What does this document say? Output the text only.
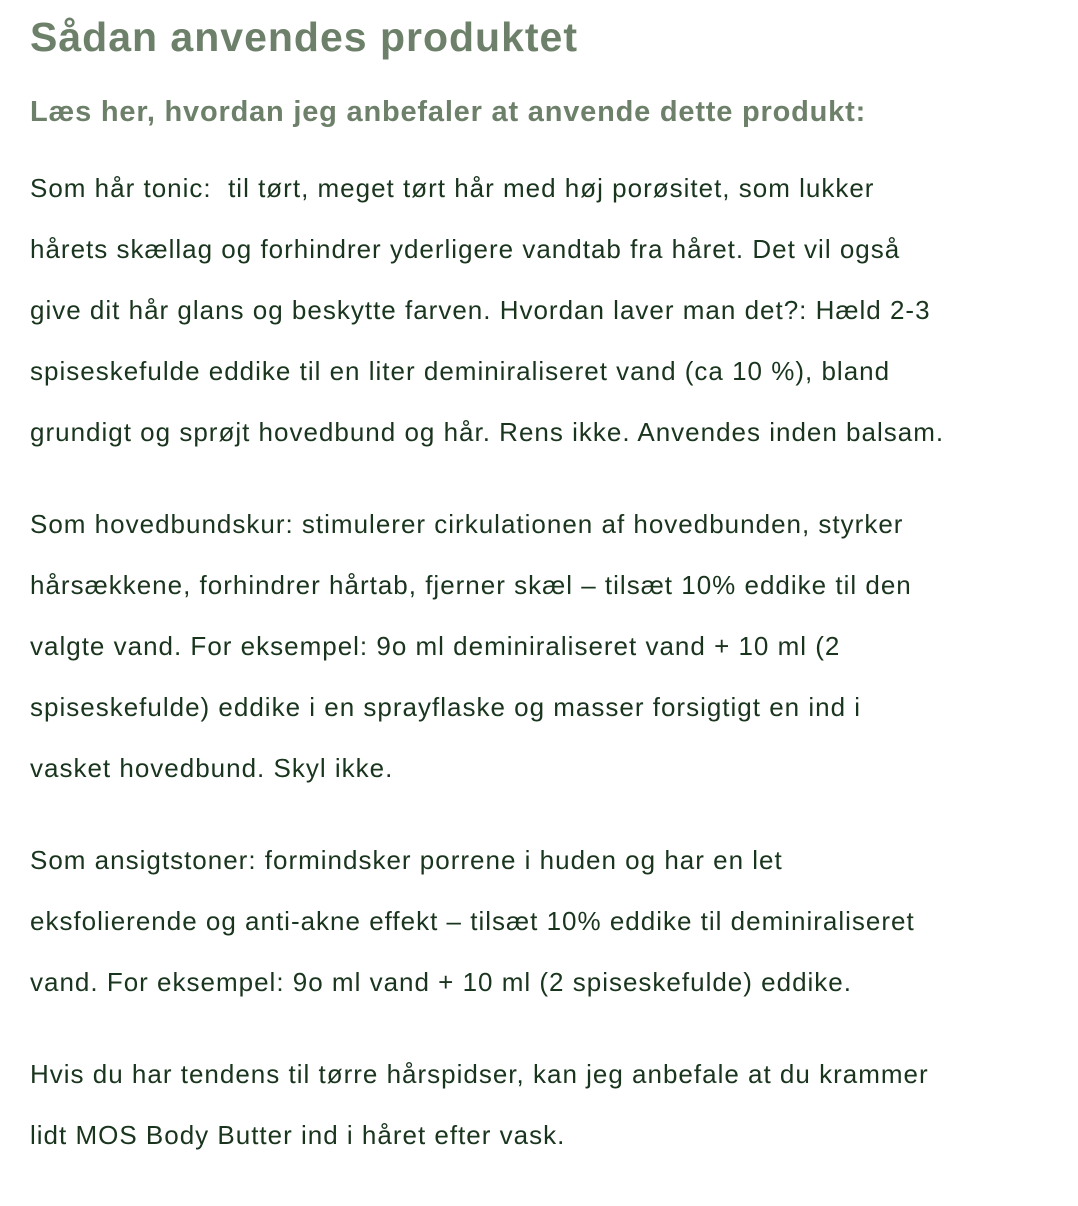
Sådan anvendes produktet
Læs her, hvordan jeg anbefaler at anvende dette produkt:

Som hår tonic:  til tørt, meget tørt hår med høj porøsitet, som lukker
hårets skællag og forhindrer yderligere vandtab fra håret. Det vil også
give dit hår glans og beskytte farven. Hvordan laver man det?: Hæld 2-3
spiseskefulde eddike til en liter deminiraliseret vand (ca 10 %), bland
grundigt og sprøjt hovedbund og hår. Rens ikke. Anvendes inden balsam.

Som hovedbundskur: stimulerer cirkulationen af hovedbunden, styrker
hårsækkene, forhindrer hårtab, fjerner skæl – tilsæt 10% eddike til den
valgte vand. For eksempel: 9o ml deminiraliseret vand + 10 ml (2
spiseskefulde) eddike i en sprayflaske og masser forsigtigt en ind i
vasket hovedbund. Skyl ikke.

Som ansigtstoner: formindsker porrene i huden og har en let
eksfolierende og anti-akne effekt – tilsæt 10% eddike til deminiraliseret
vand. For eksempel: 9o ml vand + 10 ml (2 spiseskefulde) eddike.

Hvis du har tendens til tørre hårspidser, kan jeg anbefale at du krammer
lidt MOS Body Butter ind i håret efter vask.
